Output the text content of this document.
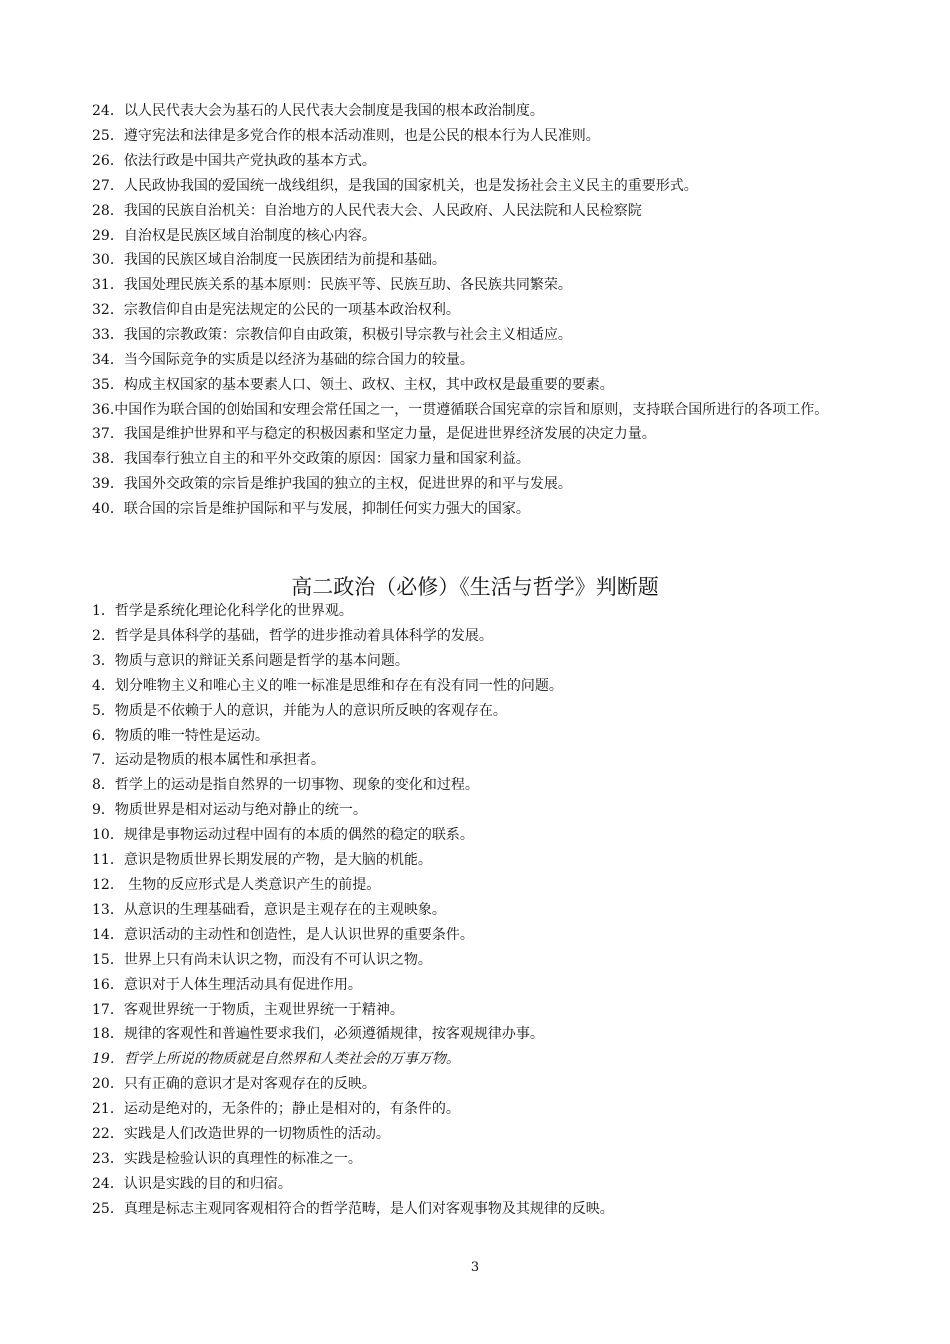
24．以人民代表大会为基石的人民代表大会制度是我国的根本政治制度。
25．遵守宪法和法律是多党合作的根本活动准则，也是公民的根本行为人民准则。
26．依法行政是中国共产党执政的基本方式。
27．人民政协我国的爱国统一战线组织，是我国的国家机关，也是发扬社会主义民主的重要形式。
28．我国的民族自治机关：自治地方的人民代表大会、人民政府、人民法院和人民检察院
29．自治权是民族区域自治制度的核心内容。
30．我国的民族区域自治制度一民族团结为前提和基础。
31．我国处理民族关系的基本原则：民族平等、民族互助、各民族共同繁荣。
32．宗教信仰自由是宪法规定的公民的一项基本政治权利。
33．我国的宗教政策：宗教信仰自由政策，积极引导宗教与社会主义相适应。
34．当今国际竞争的实质是以经济为基础的综合国力的较量。
35．构成主权国家的基本要素人口、领土、政权、主权，其中政权是最重要的要素。
36.中国作为联合国的创始国和安理会常任国之一，一贯遵循联合国宪章的宗旨和原则，支持联合国所进行的各项工作。
37．我国是维护世界和平与稳定的积极因素和坚定力量，是促进世界经济发展的决定力量。
38．我国奉行独立自主的和平外交政策的原因：国家力量和国家利益。
39．我国外交政策的宗旨是维护我国的独立的主权，促进世界的和平与发展。
40．联合国的宗旨是维护国际和平与发展，抑制任何实力强大的国家。
高二政治（必修）《生活与哲学》判断题
1．哲学是系统化理论化科学化的世界观。
2．哲学是具体科学的基础，哲学的进步推动着具体科学的发展。
3．物质与意识的辩证关系问题是哲学的基本问题。
4．划分唯物主义和唯心主义的唯一标准是思维和存在有没有同一性的问题。
5．物质是不依赖于人的意识，并能为人的意识所反映的客观存在。
6．物质的唯一特性是运动。
7．运动是物质的根本属性和承担者。
8．哲学上的运动是指自然界的一切事物、现象的变化和过程。
9．物质世界是相对运动与绝对静止的统一。
10．规律是事物运动过程中固有的本质的偶然的稳定的联系。
11．意识是物质世界长期发展的产物，是大脑的机能。
12． 生物的反应形式是人类意识产生的前提。
13．从意识的生理基础看，意识是主观存在的主观映象。
14．意识活动的主动性和创造性，是人认识世界的重要条件。
15．世界上只有尚未认识之物，而没有不可认识之物。
16．意识对于人体生理活动具有促进作用。
17．客观世界统一于物质，主观世界统一于精神。
18．规律的客观性和普遍性要求我们，必须遵循规律，按客观规律办事。
19．哲学上所说的物质就是自然界和人类社会的万事万物。
20．只有正确的意识才是对客观存在的反映。
21．运动是绝对的，无条件的；静止是相对的，有条件的。
22．实践是人们改造世界的一切物质性的活动。
23．实践是检验认识的真理性的标准之一。
24．认识是实践的目的和归宿。
25．真理是标志主观同客观相符合的哲学范畴，是人们对客观事物及其规律的反映。
3
